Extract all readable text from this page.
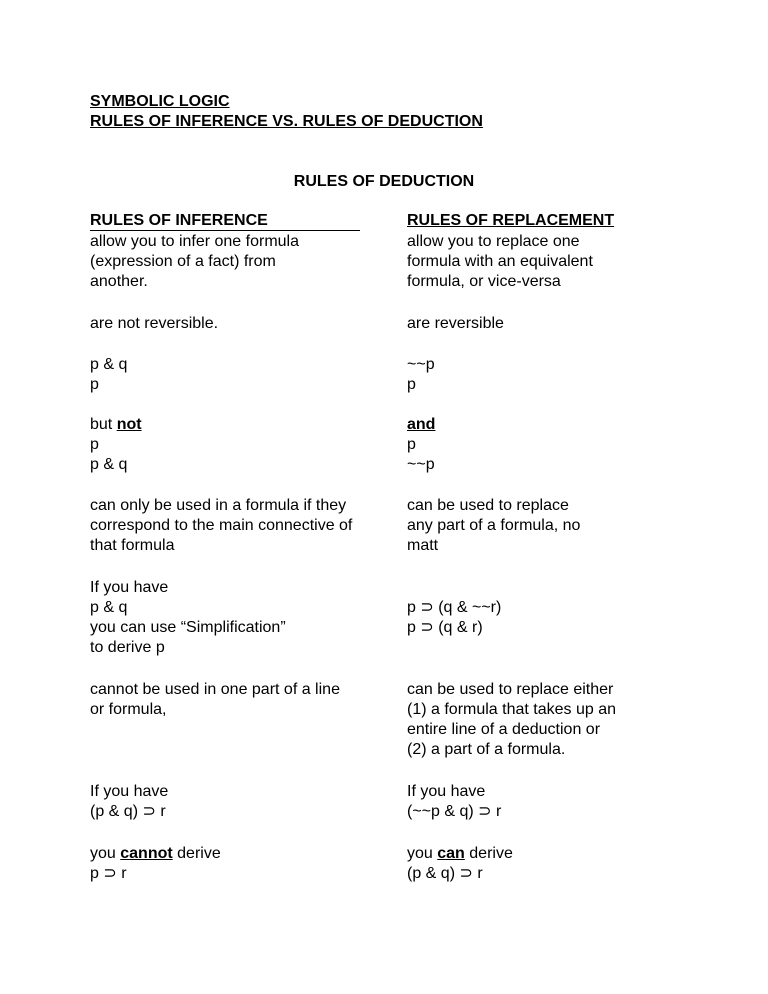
SYMBOLIC LOGIC
RULES OF INFERENCE VS. RULES OF DEDUCTION
RULES OF DEDUCTION
RULES OF INFERENCE	RULES OF REPLACEMENT
allow you to infer one formula
(expression of a fact) from
another.
allow you to replace one
formula with an equivalent
formula, or vice-versa
are not reversible.	are reversible
p & q
p
~~p
p
but not
p
p & q
and
p
~~p
can only be used in a formula if they
correspond to the main connective of
that formula
can be used to replace
any part of a formula, no
matt
If you have
p & q
you can use “Simplification”
to derive p
p ⊃ (q & ~~r)
p ⊃ (q & r)
cannot be used in one part of a line
or formula,
can be used to replace either
(1) a formula that takes up an
entire line of a deduction or
(2) a part of a formula.
If you have
(p & q) ⊃ r
If you have
(~~p & q) ⊃ r
you cannot derive
p ⊃ r
you can derive
(p & q) ⊃ r
